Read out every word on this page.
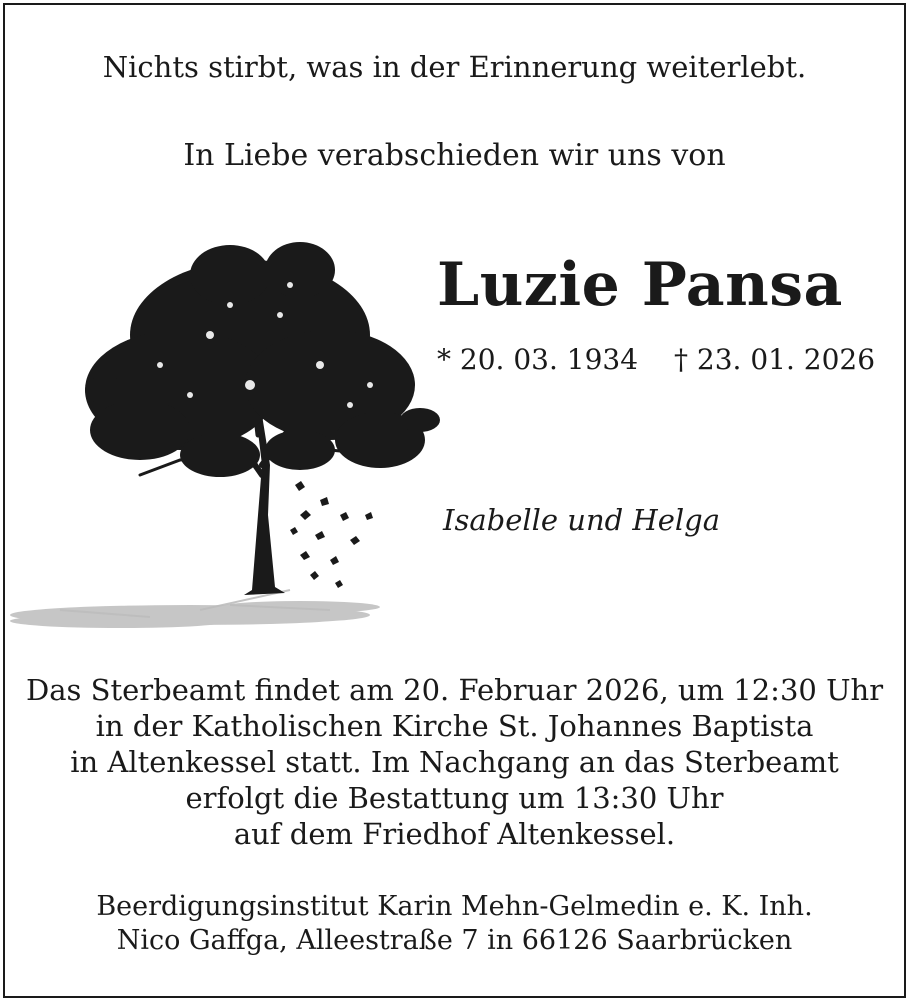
Nichts stirbt, was in der Erinnerung weiterlebt.
In Liebe verabschieden wir uns von
Luzie Pansa
* 20. 03. 1934 † 23. 01. 2026
Isabelle und Helga
Das Sterbeamt findet am 20. Februar 2026, um 12:30 Uhr
in der Katholischen Kirche St. Johannes Baptista
in Altenkessel statt. Im Nachgang an das Sterbeamt
erfolgt die Bestattung um 13:30 Uhr
auf dem Friedhof Altenkessel.
Beerdigungsinstitut Karin Mehn-Gelmedin e. K. Inh.
Nico Gaffga, Alleestraße 7 in 66126 Saarbrücken
